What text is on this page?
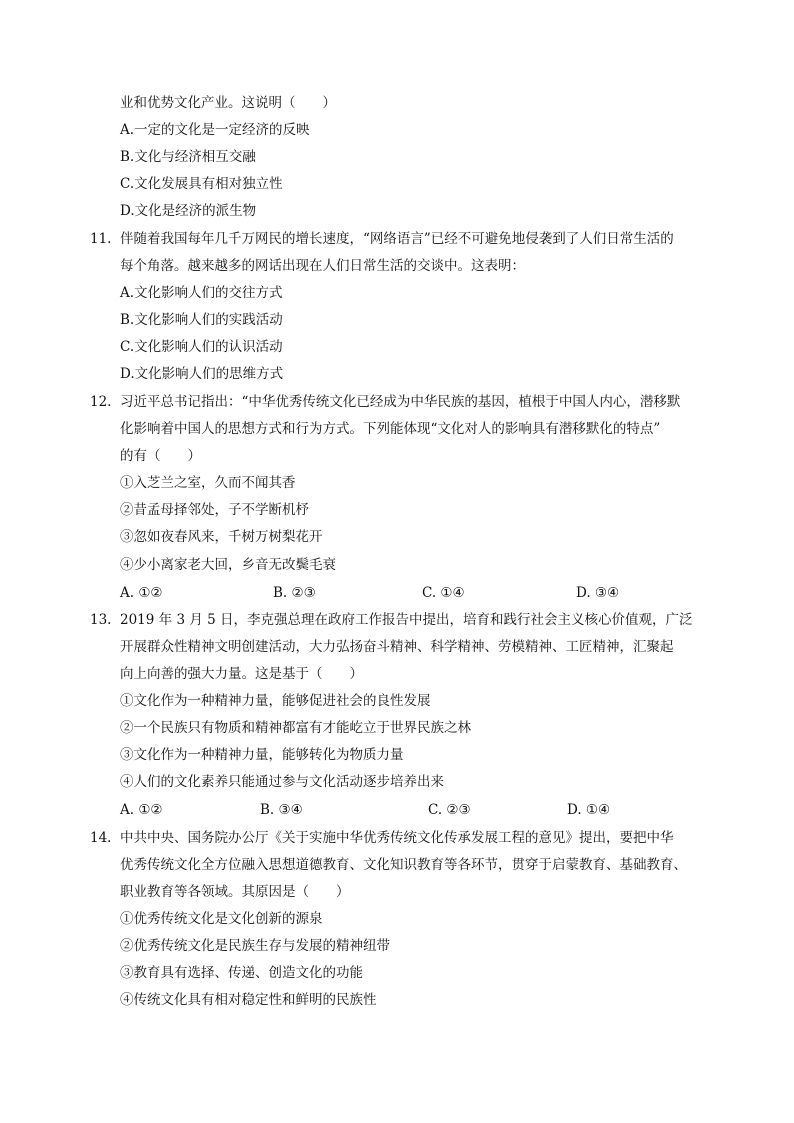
业和优势文化产业。这说明（　　）
A.一定的文化是一定经济的反映
B.文化与经济相互交融
C.文化发展具有相对独立性
D.文化是经济的派生物
11. 伴随着我国每年几千万网民的增长速度，“网络语言”已经不可避免地侵袭到了人们日常生活的
每个角落。越来越多的网话出现在人们日常生活的交谈中。这表明：
A.文化影响人们的交往方式
B.文化影响人们的实践活动
C.文化影响人们的认识活动
D.文化影响人们的思维方式
12. 习近平总书记指出：“中华优秀传统文化已经成为中华民族的基因，植根于中国人内心，潜移默
化影响着中国人的思想方式和行为方式。下列能体现“文化对人的影响具有潜移默化的特点”
的有（　　）
①入芝兰之室，久而不闻其香
②昔孟母择邻处，子不学断机杼
③忽如夜春风来，千树万树梨花开
④少小离家老大回，乡音无改鬓毛衰
A. ①②	B. ②③	C. ①④	D. ③④
13. 2019 年 3 月 5 日，李克强总理在政府工作报告中提出，培育和践行社会主义核心价值观，广泛
开展群众性精神文明创建活动，大力弘扬奋斗精神、科学精神、劳模精神、工匠精神，汇聚起
向上向善的强大力量。这是基于（　　）
①文化作为一种精神力量，能够促进社会的良性发展
②一个民族只有物质和精神都富有才能屹立于世界民族之林
③文化作为一种精神力量，能够转化为物质力量
④人们的文化素养只能通过参与文化活动逐步培养出来
A. ①②	B. ③④	C. ②③	D. ①④
14. 中共中央、国务院办公厅《关于实施中华优秀传统文化传承发展工程的意见》提出，要把中华
优秀传统文化全方位融入思想道德教育、文化知识教育等各环节，贯穿于启蒙教育、基础教育、
职业教育等各领域。其原因是（　　）
①优秀传统文化是文化创新的源泉
②优秀传统文化是民族生存与发展的精神纽带
③教育具有选择、传递、创造文化的功能
④传统文化具有相对稳定性和鲜明的民族性
